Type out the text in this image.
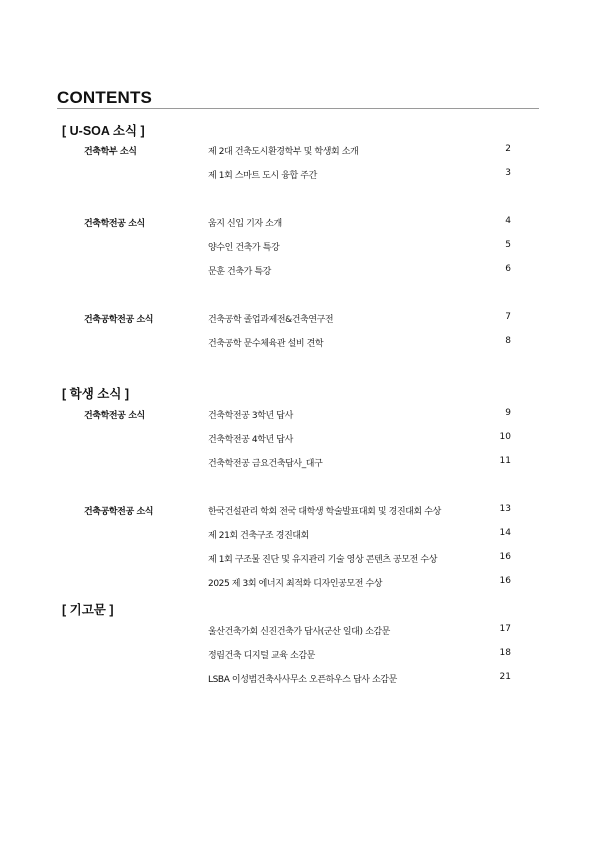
CONTENTS
[ U-SOA 소식 ]
건축학부 소식	제 2대 건축도시환경학부 및 학생회 소개	2
제 1회 스마트 도시 융합 주간	3
건축학전공 소식	움지 신입 기자 소개	4
양수인 건축가 특강	5
문훈 건축가 특강	6
건축공학전공 소식	건축공학 졸업과제전&건축연구전	7
건축공학 문수체육관 설비 견학	8
[ 학생 소식 ]
건축학전공 소식	건축학전공 3학년 답사	9
건축학전공 4학년 답사	10
건축학전공 금요건축답사_대구	11
건축공학전공 소식	한국건설관리 학회 전국 대학생 학술발표대회 및 경진대회 수상	13
제 21회 건축구조 경진대회	14
제 1회 구조물 진단 및 유지관리 기술 영상 콘텐츠 공모전 수상	16
2025 제 3회 에너지 최적화 디자인공모전 수상	16
[ 기고문 ]
울산건축가회 신진건축가 답사(군산 일대) 소감문	17
정림건축 디지털 교육 소감문	18
LSBA 이성범건축사사무소 오픈하우스 답사 소감문	21
